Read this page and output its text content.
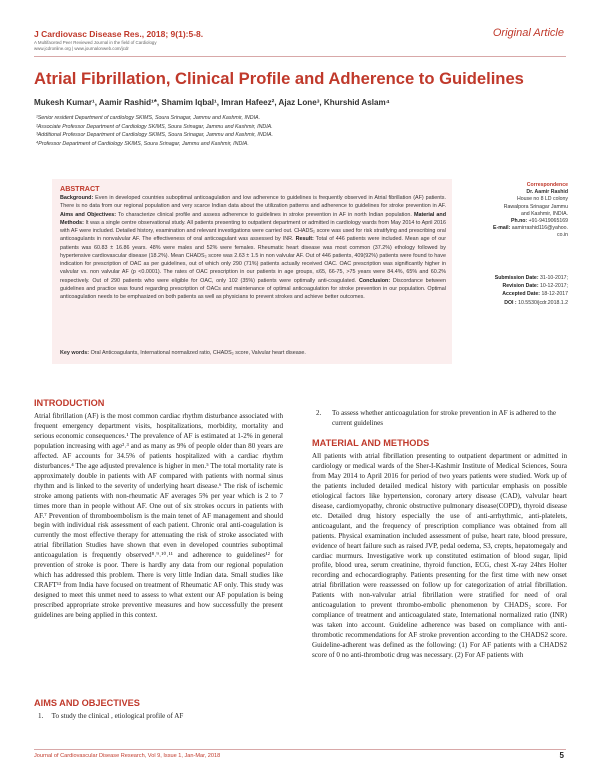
J Cardiovasc Disease Res., 2018; 9(1):5-8.
A Multifaceted Peer Reviewed Journal in the field of Cardiology
www.jcdronline.org | www.journalonweb.com/jcdr
Original Article
Atrial Fibrillation, Clinical Profile and Adherence to Guidelines
Mukesh Kumar¹, Aamir Rashid¹*, Shamim Iqbal¹, Imran Hafeez², Ajaz Lone³, Khurshid Aslam⁴
¹Senior resident Department of cardiology SKIMS, Soura Srinagar, Jammu and Kashmir, INDIA.
²Associate Professor Department of Cardiology SKIMS, Soura Srinagar, Jammu and Kashmir, INDIA.
³Additional Professor Department of Cardiology SKIMS, Soura Srinagar, Jammu and Kashmir, INDIA.
⁴Professor Department of Cardiology SKIMS, Soura Srinagar, Jammu and Kashmir, INDIA.
ABSTRACT
Background: Even in developed countries suboptimal anticoagulation and low adherence to guidelines is frequently observed in Atrial fibrillation (AF) patients. There is no data from our regional population and very scarce Indian data about the utilization patterns and adherence to guidelines for stroke prevention in AF. Aims and Objectives: To characterize clinical profile and assess adherence to guidelines in stroke prevention in AF in north Indian population. Material and Methods: It was a single centre observational study. All patients presenting to outpatient department or admitted in cardiology wards from May 2014 to April 2016 with AF were included. Detailed history, examination and relevant investigations were carried out. CHADS₂ score was used for risk stratifying and prescribing oral anticoagulants in nonvalvular AF. The effectiveness of oral anticoagulant was assessed by INR. Result: Total of 446 patients were included. Mean age of our patients was 60.83 ± 16.86 years. 48% were males and 52% were females. Rheumatic heart disease was most common (37.2%) ethology followed by hypertensive cardiovascular disease (18.2%). Mean CHADS₂ score was 2.63 ± 1.5 in non valvular AF. Out of 446 patients, 409(92%) patients were found to have indication for prescription of OAC as per guidelines, out of which only 290 (71%) patients actually received OAC. OAC prescription was significantly higher in valvular vs. non valvular AF (p <0.0001). The rates of OAC prescription in our patients in age groups, ≤65, 66-75, >75 years were 84.4%, 65% and 60.2% respectively. Out of 290 patients who were eligible for OAC, only 102 (35%) patients were optimally anti-coagulated. Conclusion: Discordance between guidelines and practice was found regarding prescription of OACs and maintenance of optimal anticoagulation for stroke prevention in our population. Optimal anticoagulation needs to be emphasized on both patients as well as physicians to prevent strokes and achieve better outcomes.
Key words: Oral Anticoagulants, International normalized ratio, CHADS₂ score, Valvular heart disease.
Correspondence
Dr. Aamir Rashid
House no 8 LD colony
Rawalpora Srinagar Jammu
and Kashmir, INDIA.
Ph.no: +91-9419065169
E-mail: aamirrashid116@yahoo.
co.in
Submission Date: 31-10-2017;
Revision Date: 10-12-2017;
Accepted Date: 18-12-2017
DOI : 10.5530/jcdr.2018.1.2
INTRODUCTION
Atrial fibrillation (AF) is the most common cardiac rhythm disturbance associated with frequent emergency department visits, hospitalizations, morbidity, mortality and serious economic consequences.¹ The prevalence of AF is estimated at 1-2% in general population increasing with age²˒³ and as many as 9% of people older than 80 years are affected. AF accounts for 34.5% of patients hospitalized with a cardiac rhythm disturbances.⁴ The age adjusted prevalence is higher in men.⁵ The total mortality rate is approximately double in patients with AF compared with patients with normal sinus rhythm and is linked to the severity of underlying heart disease.⁶ The risk of ischemic stroke among patients with non-rheumatic AF averages 5% per year which is 2 to 7 times more than in people without AF. One out of six strokes occurs in patients with AF.⁷ Prevention of thromboembolism is the main tenet of AF management and should begin with individual risk assessment of each patient. Chronic oral anti-coagulation is currently the most effective therapy for attenuating the risk of stroke associated with atrial fibrillation Studies have shown that even in developed countries suboptimal anticoagulation is frequently observed⁸˒⁹˒¹⁰˒¹¹ and adherence to guidelines¹² for prevention of stroke is poor. There is hardly any data from our regional population which has addressed this problem. There is very little Indian data. Small studies like CRAFT¹³ from India have focused on treatment of Rheumatic AF only. This study was designed to meet this unmet need to assess to what extent our AF population is being prescribed appropriate stroke preventive measures and how successfully the present guidelines are being applied in this context.
AIMS AND OBJECTIVES
1. To study the clinical , etiological profile of AF
2.	To assess whether anticoagulation for stroke prevention in AF is adhered to the current guidelines
MATERIAL AND METHODS
All patients with atrial fibrillation presenting to outpatient department or admitted in cardiology or medical wards of the Sher-I-Kashmir Institute of Medical Sciences, Soura from May 2014 to April 2016 for period of two years patients were studied. Work up of the patients included detailed medical history with particular emphasis on possible etiological factors like hypertension, coronary artery disease (CAD), valvular heart disease, cardiomyopathy, chronic obstructive pulmonary disease(COPD), thyroid disease etc. Detailed drug history especially the use of anti-arrhythmic, anti-platelets, anticoagulant, and the frequency of prescription compliance was obtained from all patients. Physical examination included assessment of pulse, heart rate, blood pressure, evidence of heart failure such as raised JVP, pedal oedema, S3, crepts, hepatomegaly and cardiac murmurs. Investigative work up constituted estimation of blood sugar, lipid profile, blood urea, serum creatinine, thyroid function, ECG, chest X-ray 24hrs Holter recording and echocardiography. Patients presenting for the first time with new onset atrial fibrillation were reassessed on follow up for categorization of atrial fibrillation. Patients with non-valvular atrial fibrillation were stratified for need of oral anticoagulation to prevent thrombo-embolic phenomenon by CHADS₂ score. For compliance of treatment and anticoagulated state, International normalized ratio (INR) was taken into account. Guideline adherence was based on compliance with anti-thrombotic recommendations for AF stroke prevention according to the CHADS2 score. Guideline-adherent was defined as the following: (1) For AF patients with a CHADS2 score of 0 no anti-thrombotic drug was necessary. (2) For AF patients with
Journal of Cardiovascular Disease Research, Vol 9, Issue 1, Jan-Mar, 2018	5
